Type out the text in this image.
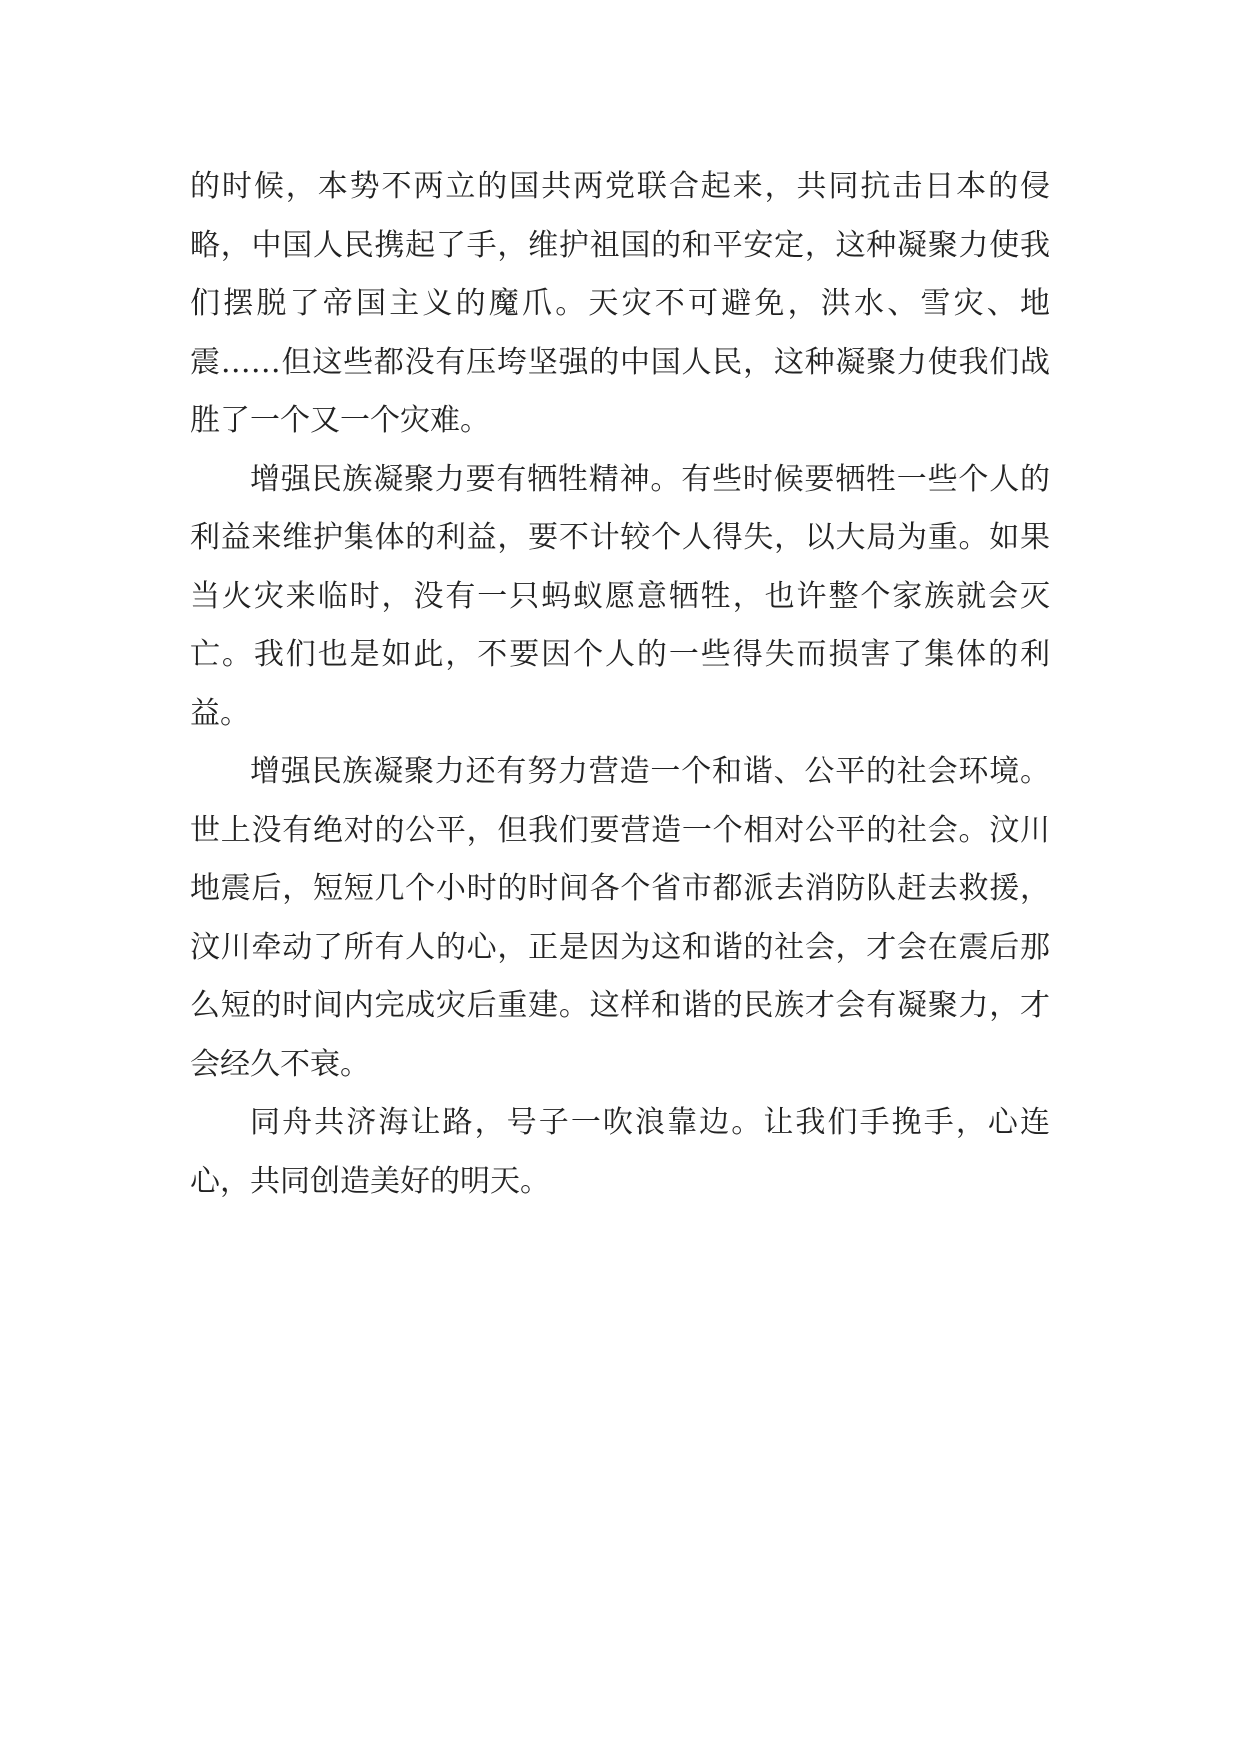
的时候，本势不两立的国共两党联合起来，共同抗击日本的侵略，中国人民携起了手，维护祖国的和平安定，这种凝聚力使我们摆脱了帝国主义的魔爪。天灾不可避免，洪水、雪灾、地震……但这些都没有压垮坚强的中国人民，这种凝聚力使我们战胜了一个又一个灾难。

增强民族凝聚力要有牺牲精神。有些时候要牺牲一些个人的利益来维护集体的利益，要不计较个人得失，以大局为重。如果当火灾来临时，没有一只蚂蚁愿意牺牲，也许整个家族就会灭亡。我们也是如此，不要因个人的一些得失而损害了集体的利益。

增强民族凝聚力还有努力营造一个和谐、公平的社会环境。世上没有绝对的公平，但我们要营造一个相对公平的社会。汶川地震后，短短几个小时的时间各个省市都派去消防队赶去救援，汶川牵动了所有人的心，正是因为这和谐的社会，才会在震后那么短的时间内完成灾后重建。这样和谐的民族才会有凝聚力，才会经久不衰。

同舟共济海让路，号子一吹浪靠边。让我们手挽手，心连心，共同创造美好的明天。
